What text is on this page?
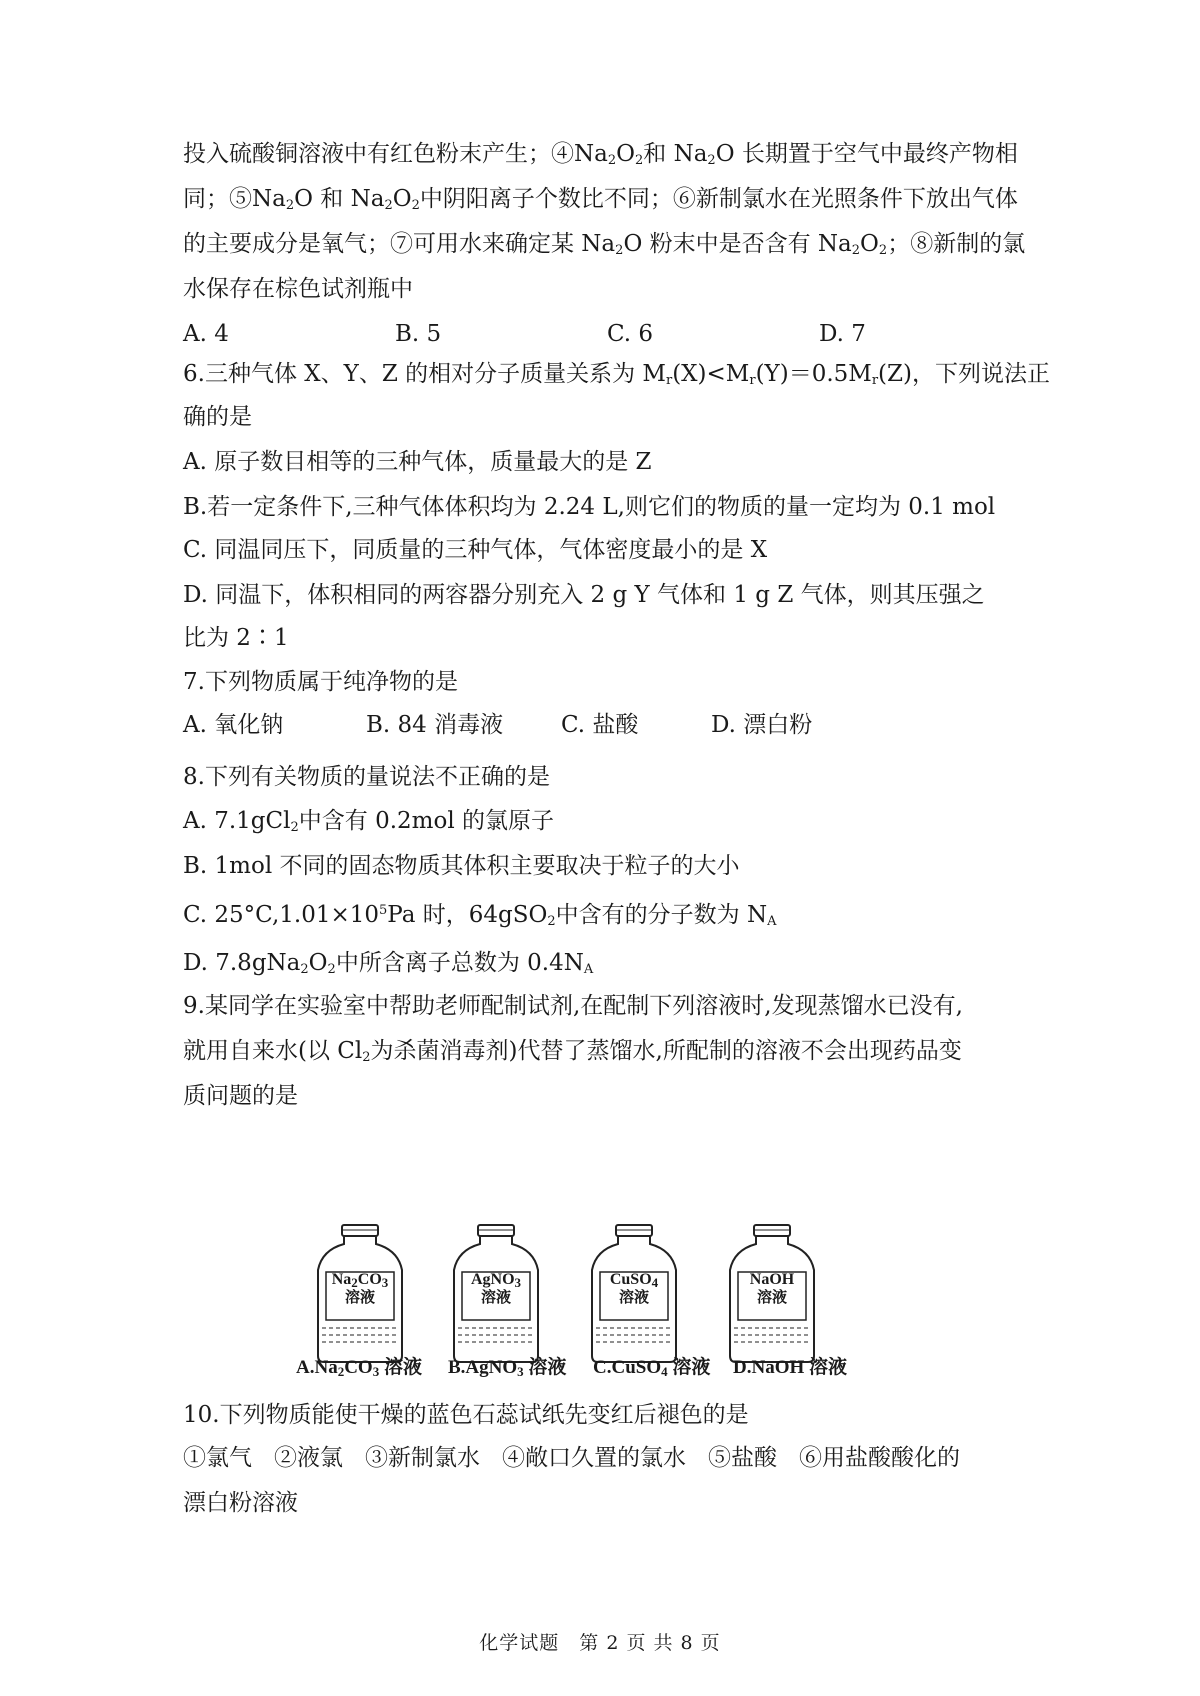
投入硫酸铜溶液中有红色粉末产生；$④Na_2O_2$和 $Na_2O$ 长期置于空气中最终产物相
同；$⑤Na_2O$ 和 $Na_2O_2$中阴阳离子个数比不同；⑥新制氯水在光照条件下放出气体
的主要成分是氧气；⑦可用水来确定某 $Na_2O$ 粉末中是否含有 $Na_2O_2$；⑧新制的氯
水保存在棕色试剂瓶中
A. 4	B. 5	C. 6	D. 7
6.三种气体 X、Y、Z 的相对分子质量关系为 $M_r(X)<M_r(Y)=0.5M_r(Z)$，下列说法正
确的是
A. 原子数目相等的三种气体，质量最大的是 Z
B.若一定条件下,三种气体体积均为 2.24 L,则它们的物质的量一定均为 0.1 mol
C. 同温同压下，同质量的三种气体，气体密度最小的是 X
D. 同温下，体积相同的两容器分别充入 2 g Y 气体和 1 g Z 气体，则其压强之
比为 2∶1
7.下列物质属于纯净物的是
A. 氧化钠	B. 84 消毒液	C. 盐酸	D. 漂白粉
8.下列有关物质的量说法不正确的是
A. 7.1gCl$_2$中含有 0.2mol 的氯原子
B. 1mol 不同的固态物质其体积主要取决于粒子的大小
C. $25^\circ C,1.01\times 10^5Pa$ 时，64gSO$_2$中含有的分子数为 $N_A$
D. $7.8gNa_2O_2$中所含离子总数为 $0.4N_A$
9.某同学在实验室中帮助老师配制试剂,在配制下列溶液时,发现蒸馏水已没有,
就用自来水(以 $Cl_2$为杀菌消毒剂)代替了蒸馏水,所配制的溶液不会出现药品变
质问题的是
10.下列物质能使干燥的蓝色石蕊试纸先变红后褪色的是
①氯气 ②液氯 ③新制氯水 ④敞口久置的氯水 ⑤盐酸 ⑥用盐酸酸化的
漂白粉溶液
$Na_2CO_3$
溶液
AgNO$_3$
溶液
CuSO$_4$
溶液
NaOH
溶液
$A.Na_2CO_3$ 溶液 B.AgNO$_3$ 溶液 C.CuSO$_4$ 溶液 D.NaOH 溶液
化学试题　第 2 页 共 8 页
